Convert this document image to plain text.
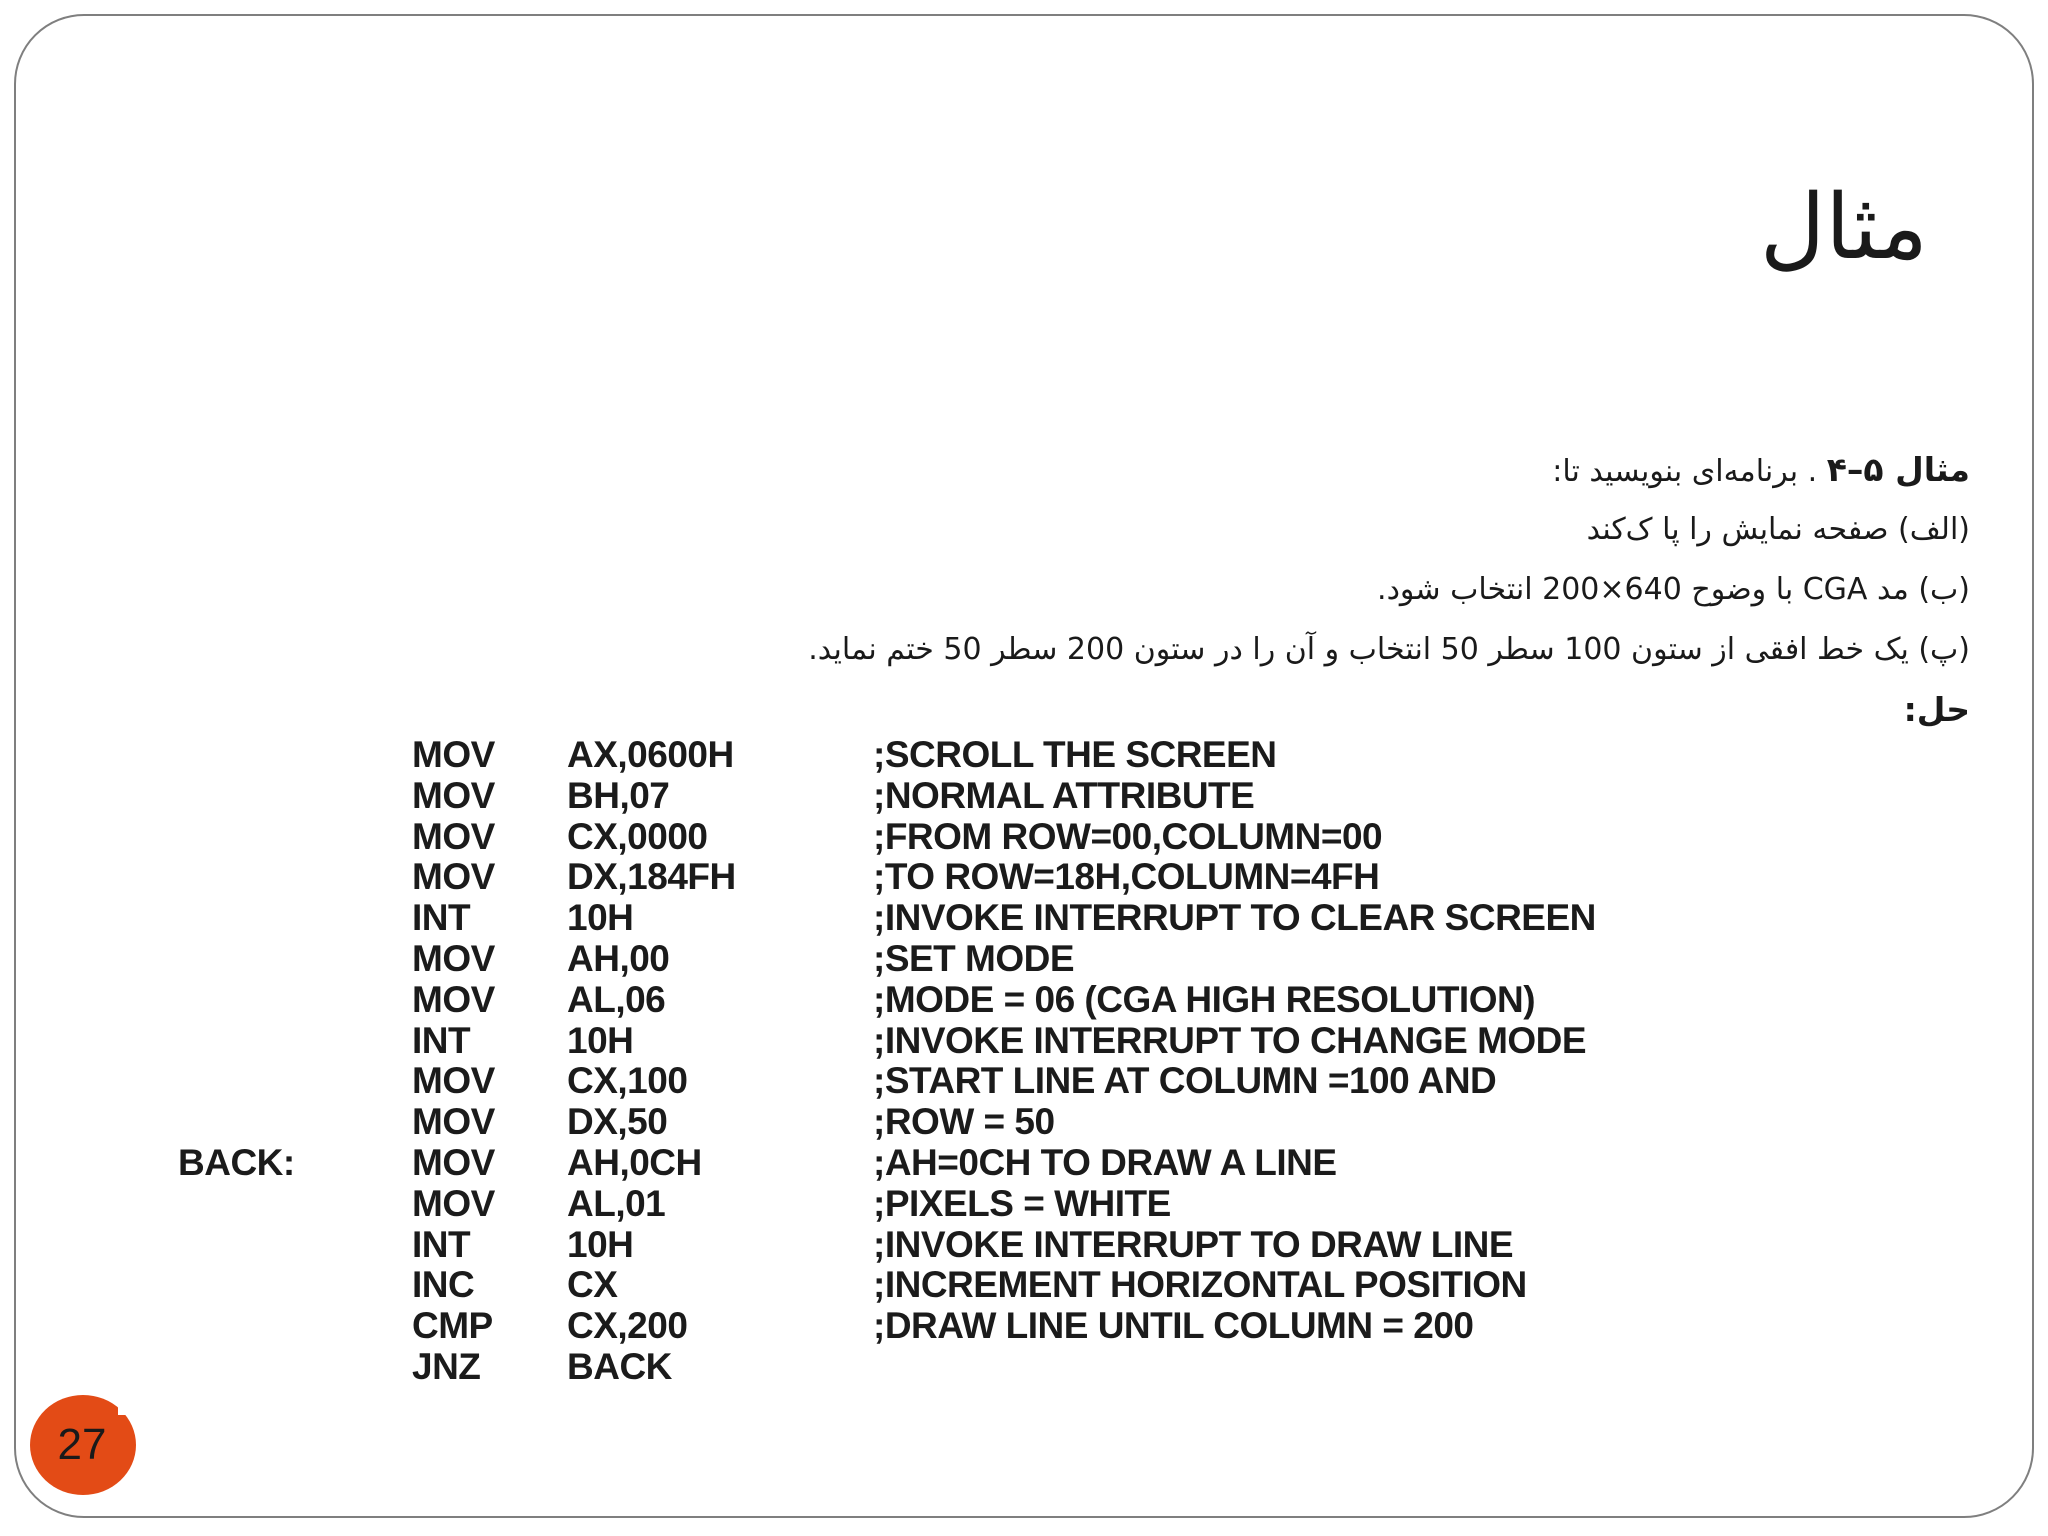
مثال
مثال ۵–۴ . برنامه‌ای بنویسید تا:
(الف) صفحه نمایش را پا ک‌کند
(ب) مد CGA با وضوح 640×200 انتخاب شود.
(پ) یک خط افقی از ستون 100 سطر 50 انتخاب و آن را در ستون 200 سطر 50 ختم نماید.
حل:
MOV AX,0600H	;SCROLL THE SCREEN
MOV BH,07	;NORMAL ATTRIBUTE
MOV CX,0000	;FROM ROW=00,COLUMN=00
MOV DX,184FH	;TO ROW=18H,COLUMN=4FH
INT	10H	;INVOKE INTERRUPT TO CLEAR SCREEN
MOV AH,00	;SET MODE
MOV AL,06	;MODE = 06 (CGA HIGH RESOLUTION)
INT	10H	;INVOKE INTERRUPT TO CHANGE MODE
MOV CX,100	;START LINE AT COLUMN =100 AND
MOV DX,50	;ROW = 50
BACK:	MOV AH,0CH	;AH=0CH TO DRAW A LINE
MOV AL,01	;PIXELS = WHITE
INT	10H	;INVOKE INTERRUPT TO DRAW LINE
INC	CX	;INCREMENT HORIZONTAL POSITION
CMP CX,200	;DRAW LINE UNTIL COLUMN = 200
JNZ BACK
27
